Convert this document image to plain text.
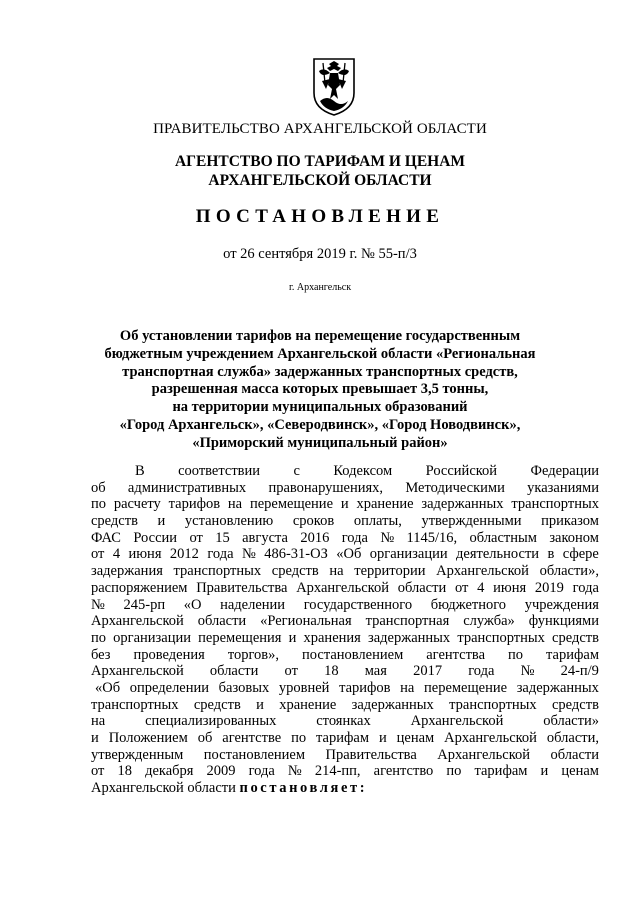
ПРАВИТЕЛЬСТВО АРХАНГЕЛЬСКОЙ ОБЛАСТИ
АГЕНТСТВО ПО ТАРИФАМ И ЦЕНАМ
АРХАНГЕЛЬСКОЙ ОБЛАСТИ
ПОСТАНОВЛЕНИЕ
от 26 сентября 2019 г. № 55-п/3
г. Архангельск
Об установлении тарифов на перемещение государственным
бюджетным учреждением Архангельской области «Региональная
транспортная служба» задержанных транспортных средств,
разрешенная масса которых превышает 3,5 тонны,
на территории муниципальных образований
«Город Архангельск», «Северодвинск», «Город Новодвинск»,
«Приморский муниципальный район»
В соответствии с Кодексом Российской Федерации
об административных правонарушениях, Методическими указаниями
по расчету тарифов на перемещение и хранение задержанных транспортных
средств и установлению сроков оплаты, утвержденными приказом
ФАС России от 15 августа 2016 года № 1145/16, областным законом
от 4 июня 2012 года № 486-31-ОЗ «Об организации деятельности в сфере
задержания транспортных средств на территории Архангельской области»,
распоряжением Правительства Архангельской области от 4 июня 2019 года
№ 245-рп «О наделении государственного бюджетного учреждения
Архангельской области «Региональная транспортная служба» функциями
по организации перемещения и хранения задержанных транспортных средств
без проведения торгов», постановлением агентства по тарифам
Архангельской области от 18 мая 2017 года № 24-п/9
«Об определении базовых уровней тарифов на перемещение задержанных
транспортных средств и хранение задержанных транспортных средств
на	специализированных	стоянках	Архангельской	области»
и Положением об агентстве по тарифам и ценам Архангельской области,
утвержденным постановлением Правительства Архангельской области
от 18 декабря 2009 года № 214-пп, агентство по тарифам и ценам
Архангельской области постановляет:
